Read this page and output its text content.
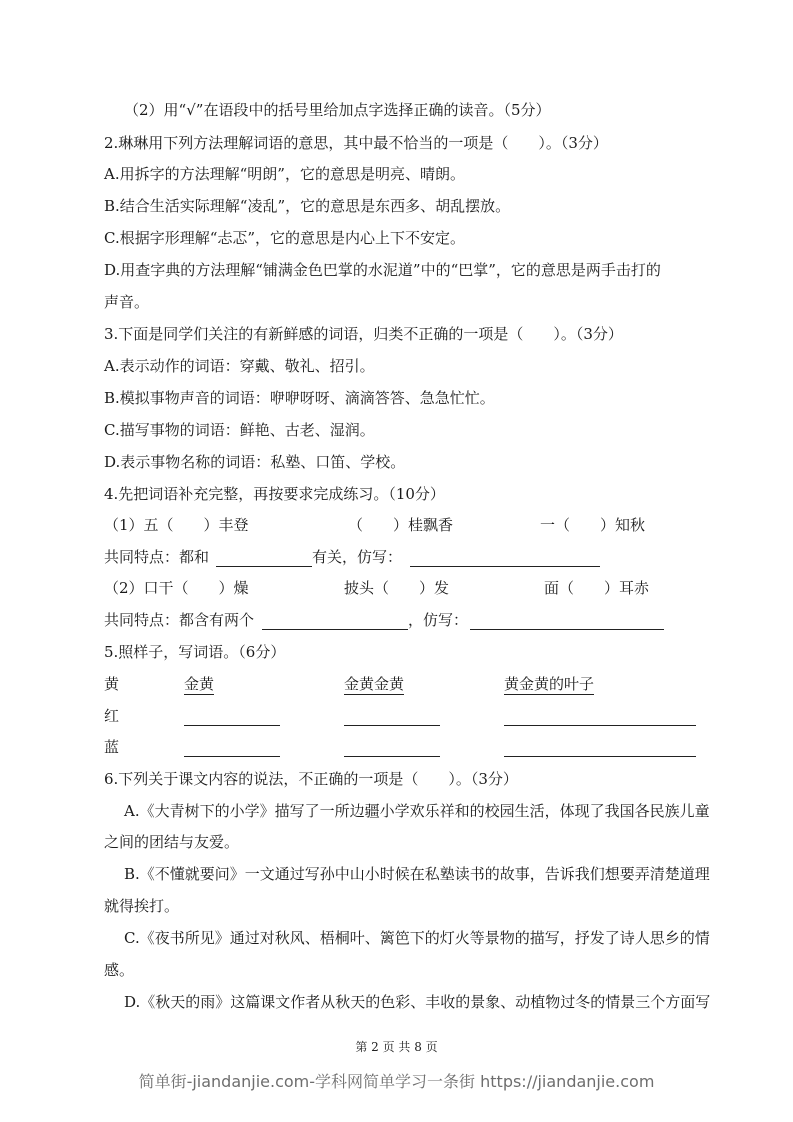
（2）用“√”在语段中的括号里给加点字选择正确的读音。（5分）
2.琳琳用下列方法理解词语的意思，其中最不恰当的一项是（　　）。（3分）
A.用拆字的方法理解“明朗”，它的意思是明亮、晴朗。
B.结合生活实际理解“凌乱”，它的意思是东西多、胡乱摆放。
C.根据字形理解“忐忑”，它的意思是内心上下不安定。
D.用查字典的方法理解“铺满金色巴掌的水泥道”中的“巴掌”，它的意思是两手击打的
声音。
3.下面是同学们关注的有新鲜感的词语，归类不正确的一项是（　　）。（3分）
A.表示动作的词语：穿戴、敬礼、招引。
B.模拟事物声音的词语：咿咿呀呀、滴滴答答、急急忙忙。
C.描写事物的词语：鲜艳、古老、湿润。
D.表示事物名称的词语：私塾、口笛、学校。
4.先把词语补充完整，再按要求完成练习。（10分）
（1）五（　　）丰登	（　　）桂飘香	一（　　）知秋
共同特点：都和	有关，仿写：
（2）口干（　　）燥	披头（　　）发	面（　　）耳赤
共同特点：都含有两个	，仿写：
5.照样子，写词语。（6分）
黄	金黄	金黄金黄	黄金黄的叶子
红
蓝
6.下列关于课文内容的说法，不正确的一项是（　　）。（3分）
A.《大青树下的小学》描写了一所边疆小学欢乐祥和的校园生活，体现了我国各民族儿童
之间的团结与友爱。
B.《不懂就要问》一文通过写孙中山小时候在私塾读书的故事，告诉我们想要弄清楚道理
就得挨打。
C.《夜书所见》通过对秋风、梧桐叶、篱笆下的灯火等景物的描写，抒发了诗人思乡的情
感。
D.《秋天的雨》这篇课文作者从秋天的色彩、丰收的景象、动植物过冬的情景三个方面写
第 2 页 共 8 页
简单街-jiandanjie.com-学科网简单学习一条街 https://jiandanjie.com
